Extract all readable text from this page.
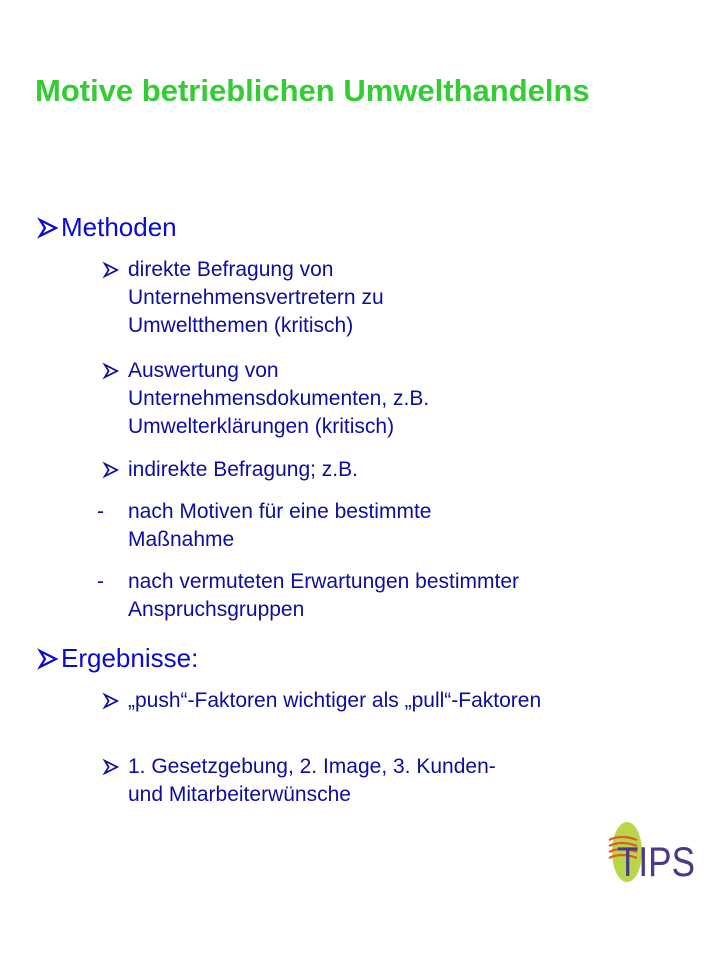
Motive betrieblichen Umwelthandelns
Methoden
direkte Befragung von Unternehmensvertretern zu Umweltthemen (kritisch)
Auswertung von Unternehmensdokumenten, z.B. Umwelterklärungen (kritisch)
indirekte Befragung; z.B.
-	nach Motiven für eine bestimmte Maßnahme
-	nach vermuteten Erwartungen bestimmter Anspruchsgruppen
Ergebnisse:
„push“-Faktoren wichtiger als „pull“-Faktoren
1. Gesetzgebung, 2. Image, 3. Kunden- und Mitarbeiterwünsche
TIPS
